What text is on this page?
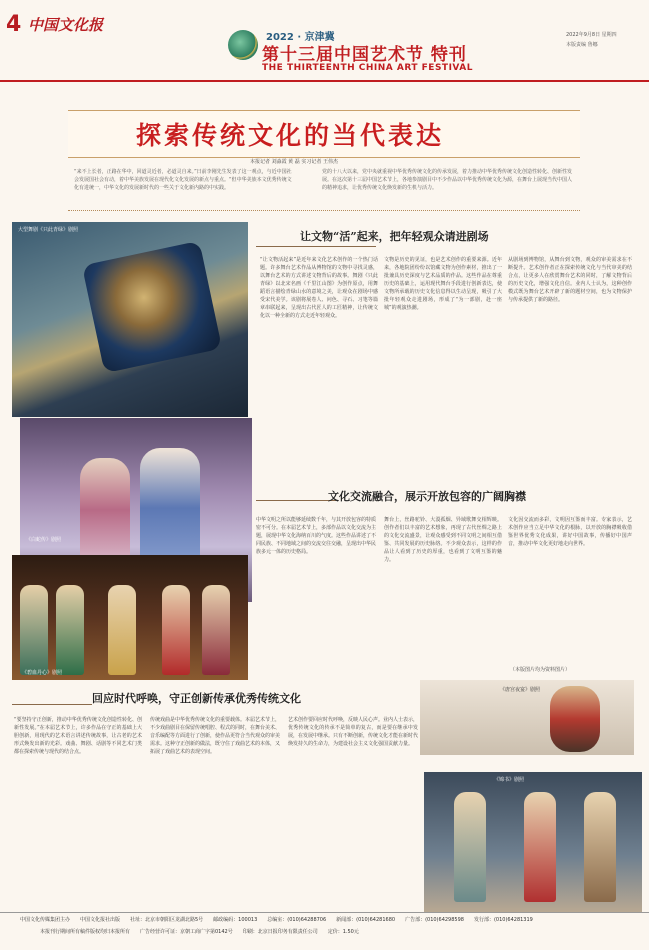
4 中国文化报
2022 · 京津冀
第十三届中国艺术节 特刊
THE THIRTEENTH CHINA ART FESTIVAL
2022年9月8日 星期四
本版责编 鲁娜
探索传统文化的当代表达
本报记者 刘淼霞 黄 磊 实习记者 王伟杰
“来不上长者，正路在华中，回道灵近者，必道灵自来。”日前李刚先生发表了这一观点，与近中国社会发展国社会有动，着中华美族发展在现代化文化发展的新点与重点。“但中华美族本文优秀传统文化有进统一，中华文化的发展新时代的一些关于文化新内路的中实践。
党的十八大以来，党中央就重视中华优秀传统文化的传承发展，着力推动中华优秀传统文化创造性转化、创新性发展。在这次第十三届中国艺术节上，各地参演剧目中不少作品以中华优秀传统文化为源，在舞台上展现当代中国人的精神追求，让优秀传统文化焕发新的生机与活力。
大型舞剧《只此青绿》剧照
《白蛇传》剧照
《碧血丹心》剧照
让文物“活”起来，把年轻观众请进剧场
“让文物活起来”是近年来文化艺术创作的一个热门话题。许多舞台艺术作品从博物馆的文物中寻找灵感，以舞台艺术的方式讲述文物背后的故事。舞剧《只此青绿》以北宋名画《千里江山图》为创作原点，用舞蹈语言描绘青绿山水的意境之美，让观众在剧场中感受宋代美学。该剧将展卷人、问色、寻石、习笔等篇章串联起来，呈现出古代匠人的工匠精神，让传统文化以一种全新的方式走近年轻观众。
文物是历史的见证，也是艺术创作的重要来源。近年来，各地院团纷纷以馆藏文物为创作素材，推出了一批兼具历史深度与艺术品质的作品。这些作品在尊重历史的基础上，运用现代舞台手段进行创新表达，使文物所承载的历史文化信息得以生动呈现，吸引了大批年轻观众走进剧场，形成了“为一部剧，赴一座城”的观演热潮。
从剧场到博物馆，从舞台到文物，观众的审美需求在不断提升。艺术创作者正在探索传统文化与当代审美的结合点，让更多人在欣赏舞台艺术的同时，了解文物背后的历史文化，增强文化自信。业内人士认为，这种创作模式既为舞台艺术开辟了新的题材空间，也为文物保护与传承提供了新的路径。
文化交流融合，展示开放包容的广阔胸襟
中华文明之所以能够延续数千年，与其开放包容的特质密不可分。在本届艺术节上，多部作品以文化交流为主题，展现中华文化海纳百川的气度。这些作品讲述了不同民族、不同地域之间的交流交往交融，呈现出中华民族多元一体的历史格局。
舞台上，丝路驼铃、大漠孤烟、异域歌舞交相辉映。创作者们以丰富的艺术想象，再现了古代丝绸之路上的文化交流盛景，让观众感受到不同文明之间相互借鉴、共同发展的历史脉络。不少观众表示，这样的作品让人看到了历史的厚重，也看到了文明互鉴的魅力。
文化因交流而多彩，文明因互鉴而丰富。专家表示，艺术创作应当立足中华文化的根脉，以开放的胸襟吸收借鉴世界优秀文化成果，讲好中国故事，传播好中国声音，推动中华文化更好地走向世界。
（本版图片均为资料图片）
回应时代呼唤，守正创新传承优秀传统文化
“要坚持守正创新，推动中华优秀传统文化创造性转化、创新性发展。”在本届艺术节上，许多作品在守正的基础上大胆创新，用现代的艺术语言讲述传统故事，让古老的艺术形式焕发出新的光彩。戏曲、舞剧、话剧等不同艺术门类都在探索传统与现代的结合点。
传统戏曲是中华优秀传统文化的重要载体。本届艺术节上，不少戏曲剧目在保留传统唱腔、程式的同时，在舞台美术、音乐编配等方面进行了创新，使作品更符合当代观众的审美需求。这种守正创新的做法，既守住了戏曲艺术的本体，又拓展了戏曲艺术的表现空间。
艺术创作要回应时代呼唤，反映人民心声。业内人士表示，优秀传统文化的传承不是简单的复古，而是要在继承中发展，在发展中继承。只有不断创新，传统文化才能在新时代焕发持久的生命力，为建设社会主义文化强国贡献力量。
《唐宫夜宴》剧照
《锦书》剧照
中国文化传媒集团主办　　中国文化报社出版　　社址：北京市朝阳区龙湖北路5号　　邮政编码：100013　　总编室：(010)64288706　　新闻部：(010)64281680　　广告部：(010)64298598　　发行部：(010)64281319
本报刊行期间所有稿件版权均归本报所有　　广告经营许可证：京朝工商广字第0142号　　印刷：北京日报印务有限责任公司　　定价：1.50元
